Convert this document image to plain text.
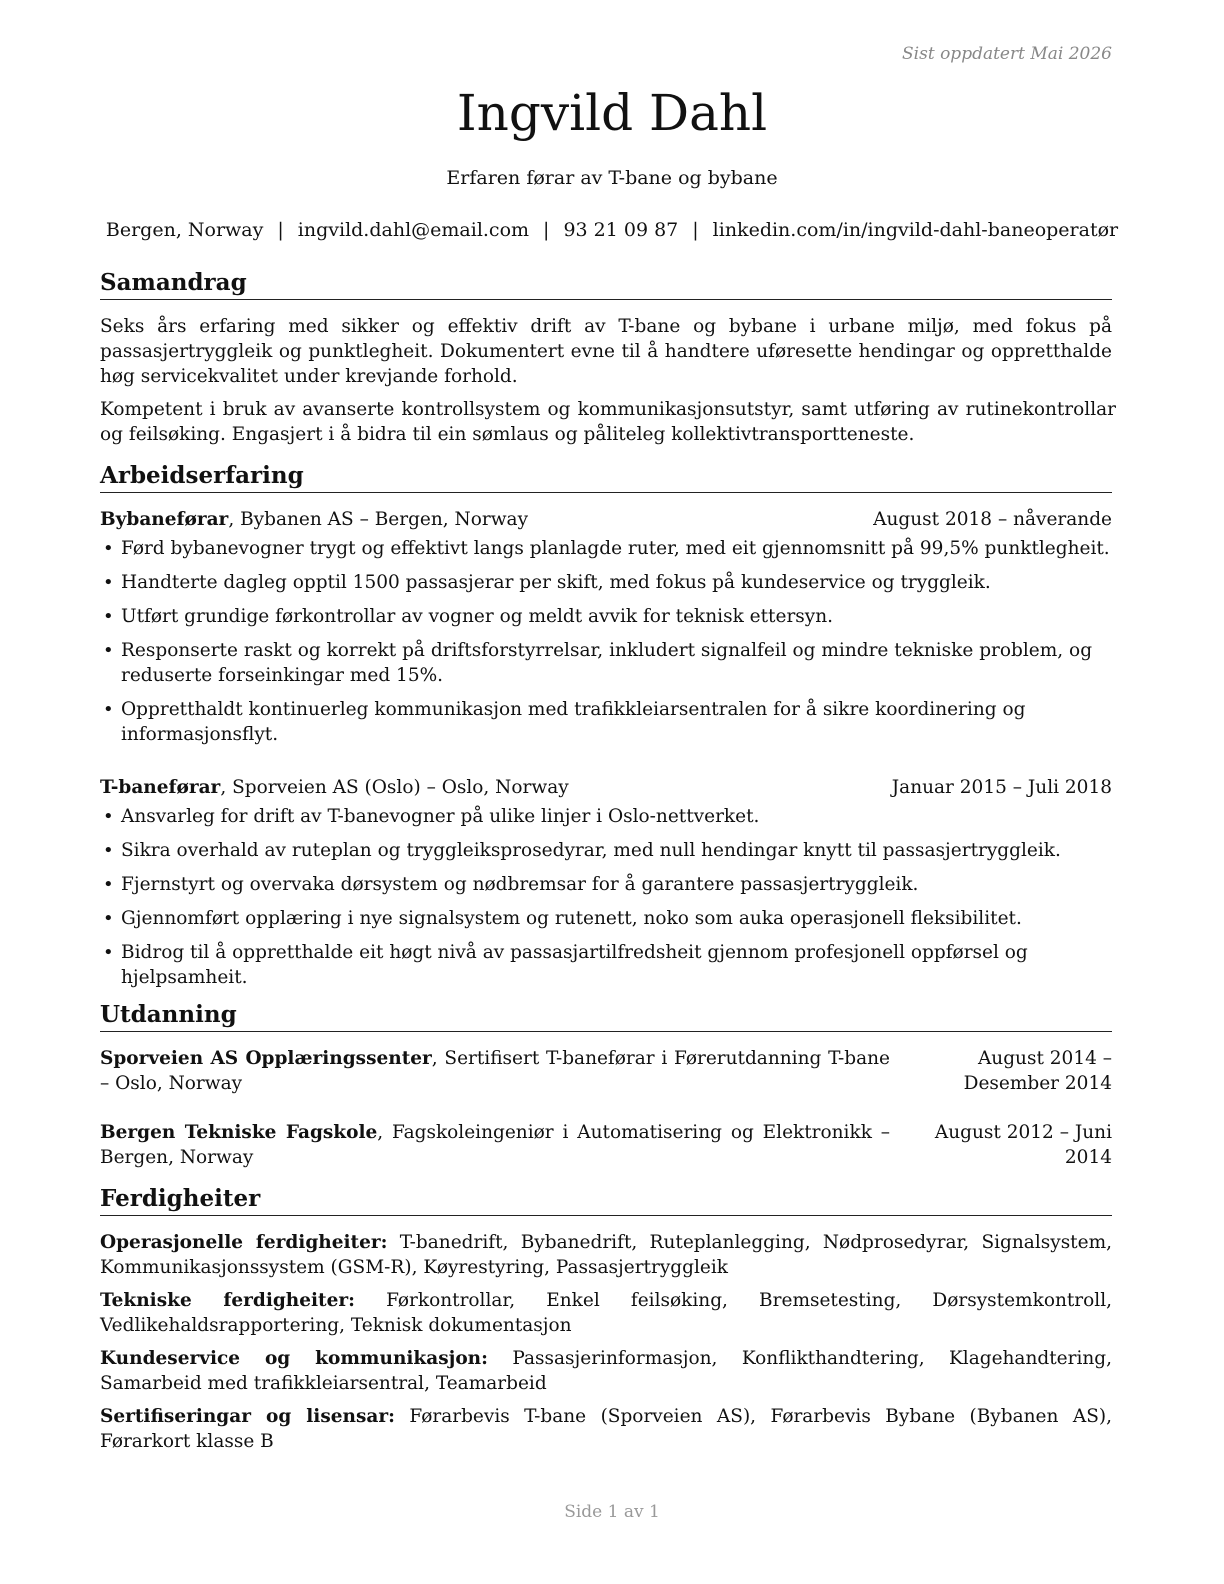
Sist oppdatert Mai 2026
Ingvild Dahl
Erfaren førar av T-bane og bybane
Bergen, Norway | ingvild.dahl@email.com | 93 21 09 87 | linkedin.com/in/ingvild-dahl-baneoperatør
Samandrag

Seks års erfaring med sikker og effektiv drift av T-bane og bybane i urbane miljø, med fokus på passasjertryggleik og punktlegheit. Dokumentert evne til å handtere uføresette hendingar og oppretthalde høg servicekvalitet under krevjande forhold.

Kompetent i bruk av avanserte kontrollsystem og kommunikasjonsutstyr, samt utføring av rutinekontrollar og feilsøking. Engasjert i å bidra til ein sømlaus og påliteleg kollektivtransportteneste.

Arbeidserfaring
Bybaneførar, Bybanen AS – Bergen, Norway	August 2018 – nåverande
• Førd bybanevogner trygt og effektivt langs planlagde ruter, med eit gjennomsnitt på 99,5% punktlegheit.
• Handterte dagleg opptil 1500 passasjerar per skift, med fokus på kundeservice og tryggleik.
• Utført grundige førkontrollar av vogner og meldt avvik for teknisk ettersyn.
• Responserte raskt og korrekt på driftsforstyrrelsar, inkludert signalfeil og mindre tekniske problem, og reduserte forseinkingar med 15%.
• Oppretthaldt kontinuerleg kommunikasjon med trafikkleiarsentralen for å sikre koordinering og informasjonsflyt.
T-baneførar, Sporveien AS (Oslo) – Oslo, Norway	Januar 2015 – Juli 2018
• Ansvarleg for drift av T-banevogner på ulike linjer i Oslo-nettverket.
• Sikra overhald av ruteplan og tryggleiksprosedyrar, med null hendingar knytt til passasjertryggleik.
• Fjernstyrt og overvaka dørsystem og nødbremsar for å garantere passasjertryggleik.
• Gjennomført opplæring i nye signalsystem og rutenett, noko som auka operasjonell fleksibilitet.
• Bidrog til å oppretthalde eit høgt nivå av passasjartilfredsheit gjennom profesjonell oppførsel og hjelpsamheit.
Utdanning
Sporveien AS Opplæringssenter, Sertifisert T-baneførar i Førerutdanning T-bane – Oslo, Norway
August 2014 – Desember 2014
Bergen Tekniske Fagskole, Fagskoleingeniør i Automatisering og Elektronikk – Bergen, Norway
August 2012 – Juni 2014
Ferdigheiter

Operasjonelle ferdigheiter: T-banedrift, Bybanedrift, Ruteplanlegging, Nødprosedyrar, Signalsystem, Kommunikasjonssystem (GSM-R), Køyrestyring, Passasjertryggleik

Tekniske ferdigheiter: Førkontrollar, Enkel feilsøking, Bremsetesting, Dørsystemkontroll, Vedlikehaldsrapportering, Teknisk dokumentasjon

Kundeservice og kommunikasjon: Passasjerinformasjon, Konflikthandtering, Klagehandtering, Samarbeid med trafikkleiarsentral, Teamarbeid

Sertifiseringar og lisensar: Førarbevis T-bane (Sporveien AS), Førarbevis Bybane (Bybanen AS), Førarkort klasse B

Side 1 av 1
